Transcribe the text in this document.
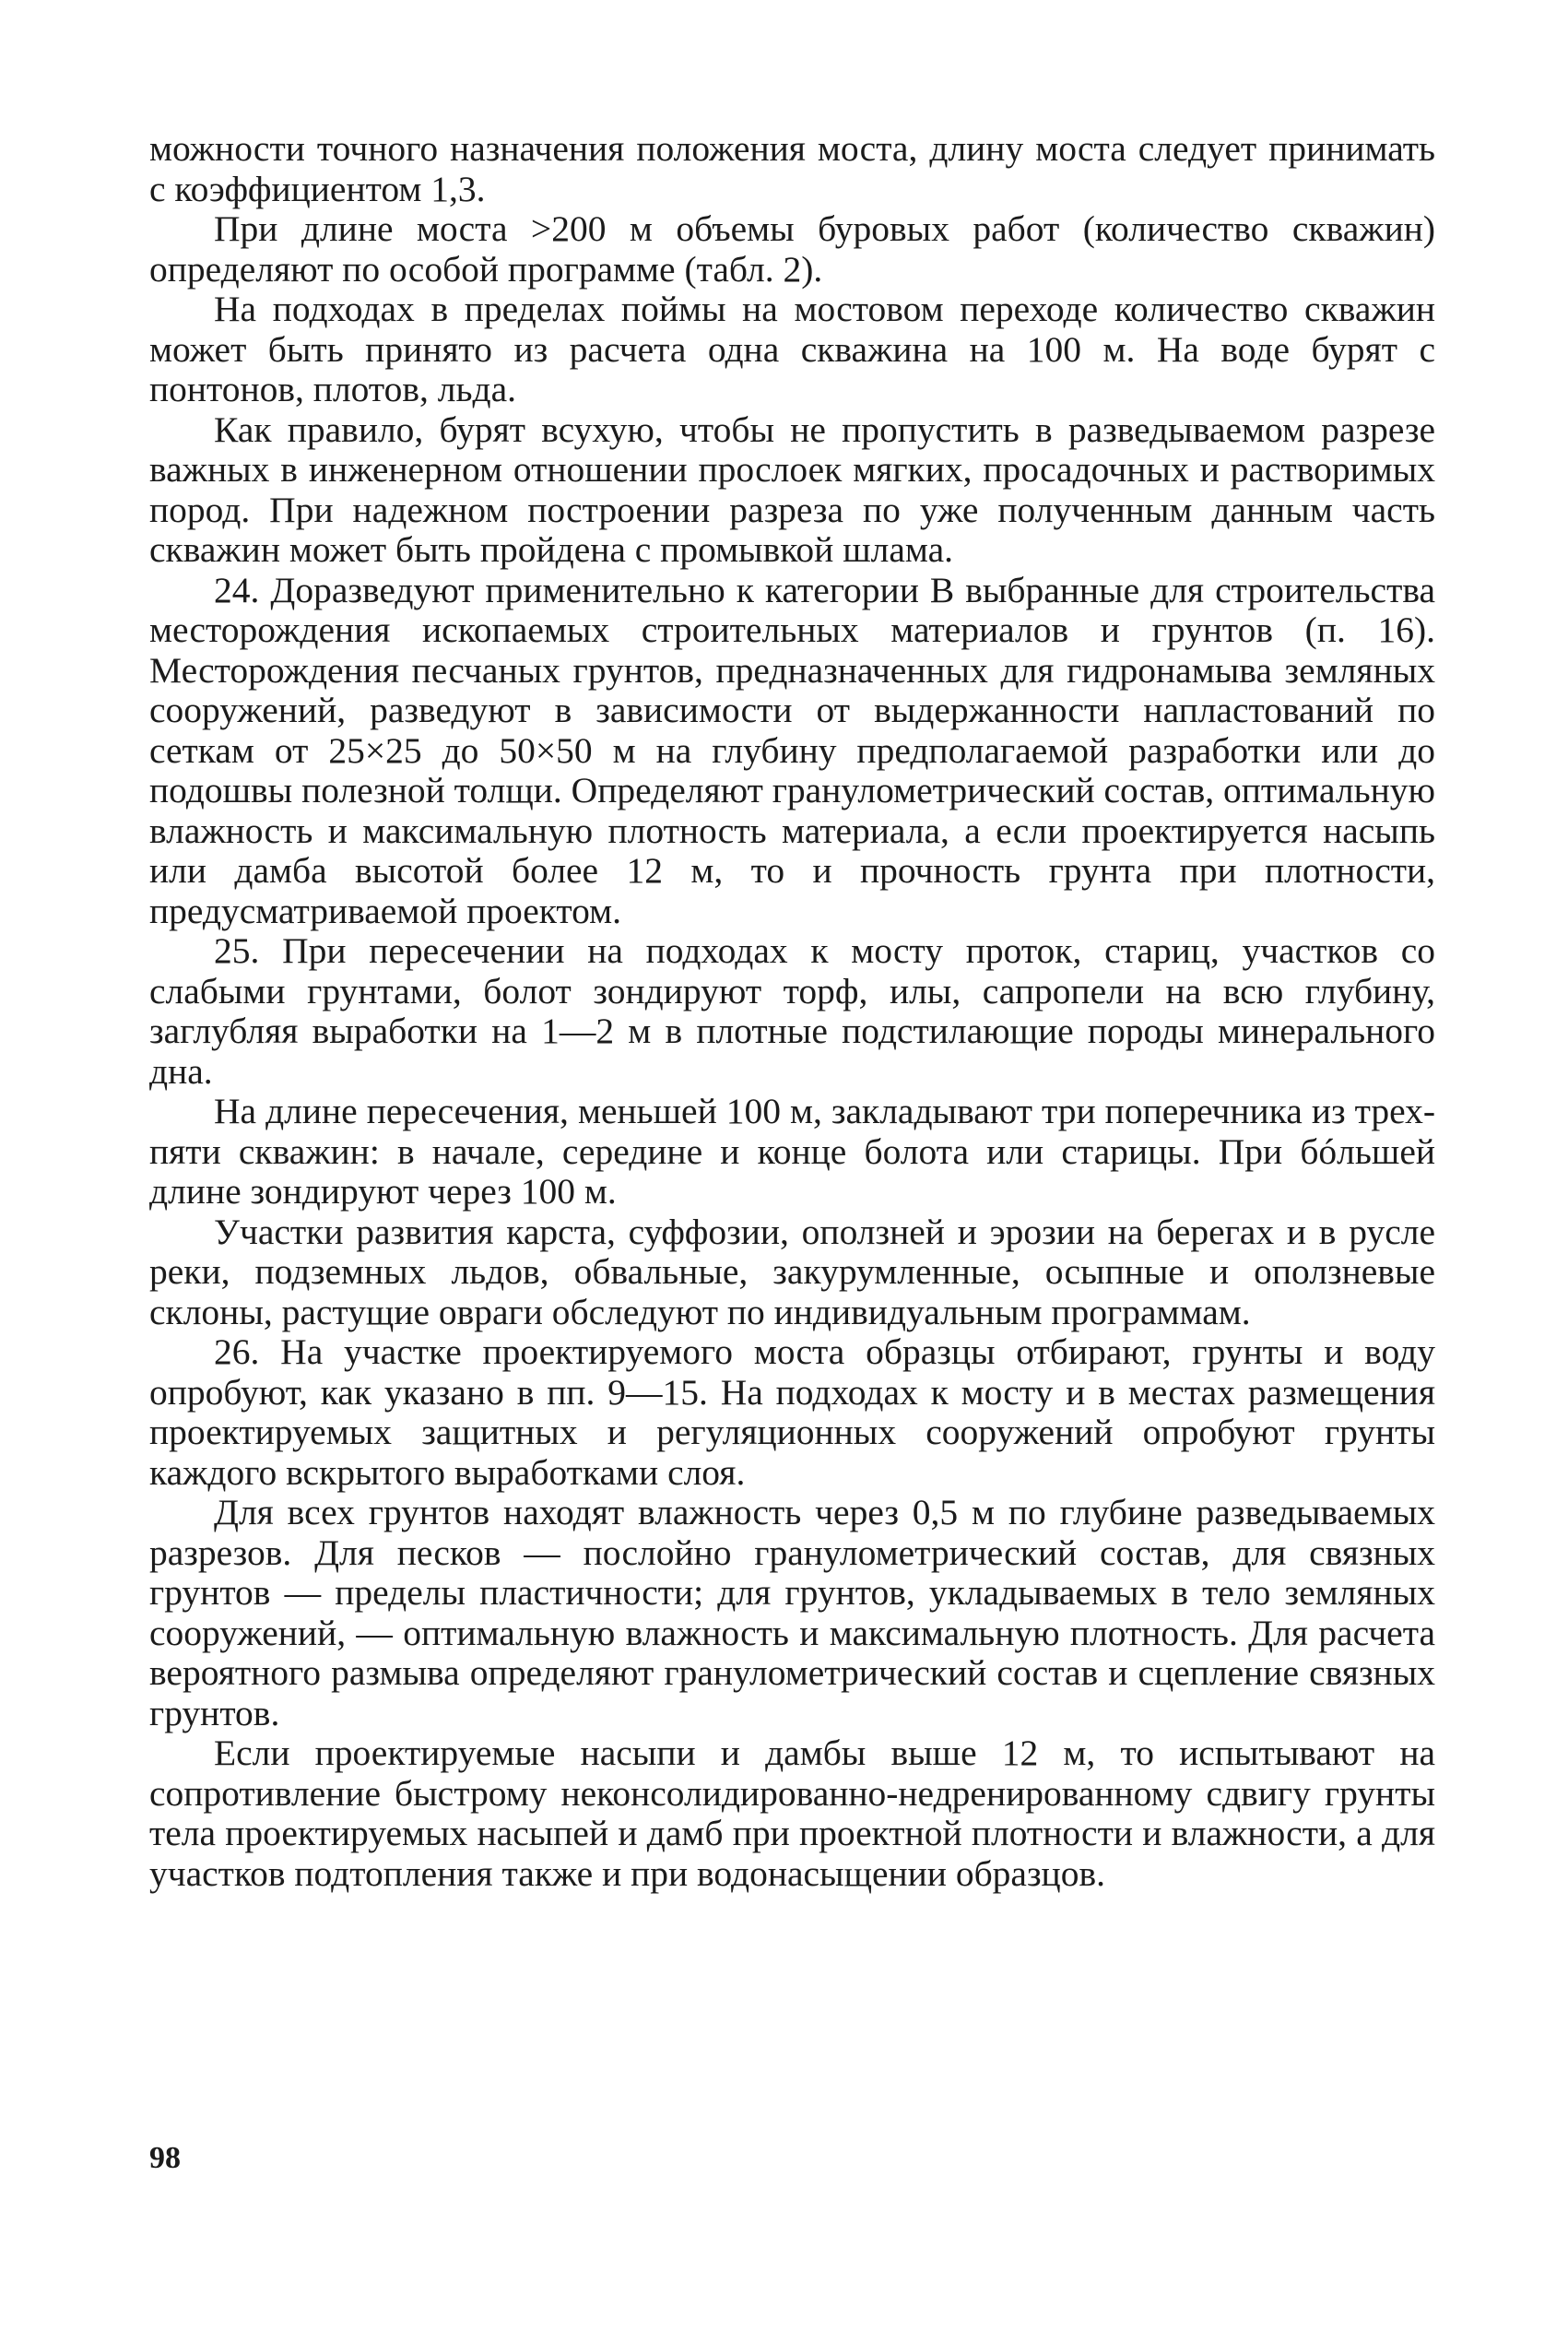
можности точного назначения положения моста, длину моста следует принимать с коэффициентом 1,3.

При длине моста >200 м объемы буровых работ (количество скважин) определяют по особой программе (табл. 2).

На подходах в пределах поймы на мостовом переходе количество скважин может быть принято из расчета одна скважина на 100 м. На воде бурят с понтонов, плотов, льда.

Как правило, бурят всухую, чтобы не пропустить в разведываемом разрезе важных в инженерном отношении прослоек мягких, просадочных и растворимых пород. При надежном построении разреза по уже полученным данным часть скважин может быть пройдена с промывкой шлама.

24. Доразведуют применительно к категории В выбранные для строительства месторождения ископаемых строительных материалов и грунтов (п. 16). Месторождения песчаных грунтов, предназначенных для гидронамыва земляных сооружений, разведуют в зависимости от выдержанности напластований по сеткам от 25×25 до 50×50 м на глубину предполагаемой разработки или до подошвы полезной толщи. Определяют гранулометрический состав, оптимальную влажность и максимальную плотность материала, а если проектируется насыпь или дамба высотой более 12 м, то и прочность грунта при плотности, предусматриваемой проектом.

25. При пересечении на подходах к мосту проток, стариц, участков со слабыми грунтами, болот зондируют торф, илы, сапропели на всю глубину, заглубляя выработки на 1—2 м в плотные подстилающие породы минерального дна.

На длине пересечения, меньшей 100 м, закладывают три поперечника из трех-пяти скважин: в начале, середине и конце болота или старицы. При бóльшей длине зондируют через 100 м.

Участки развития карста, суффозии, оползней и эрозии на берегах и в русле реки, подземных льдов, обвальные, закурумленные, осыпные и оползневые склоны, растущие овраги обследуют по индивидуальным программам.

26. На участке проектируемого моста образцы отбирают, грунты и воду опробуют, как указано в пп. 9—15. На подходах к мосту и в местах размещения проектируемых защитных и регуляционных сооружений опробуют грунты каждого вскрытого выработками слоя.

Для всех грунтов находят влажность через 0,5 м по глубине разведываемых разрезов. Для песков — послойно гранулометрический состав, для связных грунтов — пределы пластичности; для грунтов, укладываемых в тело земляных сооружений, — оптимальную влажность и максимальную плотность. Для расчета вероятного размыва определяют гранулометрический состав и сцепление связных грунтов.

Если проектируемые насыпи и дамбы выше 12 м, то испытывают на сопротивление быстрому неконсолидированно-недренированному сдвигу грунты тела проектируемых насыпей и дамб при проектной плотности и влажности, а для участков подтопления также и при водонасыщении образцов.

98
